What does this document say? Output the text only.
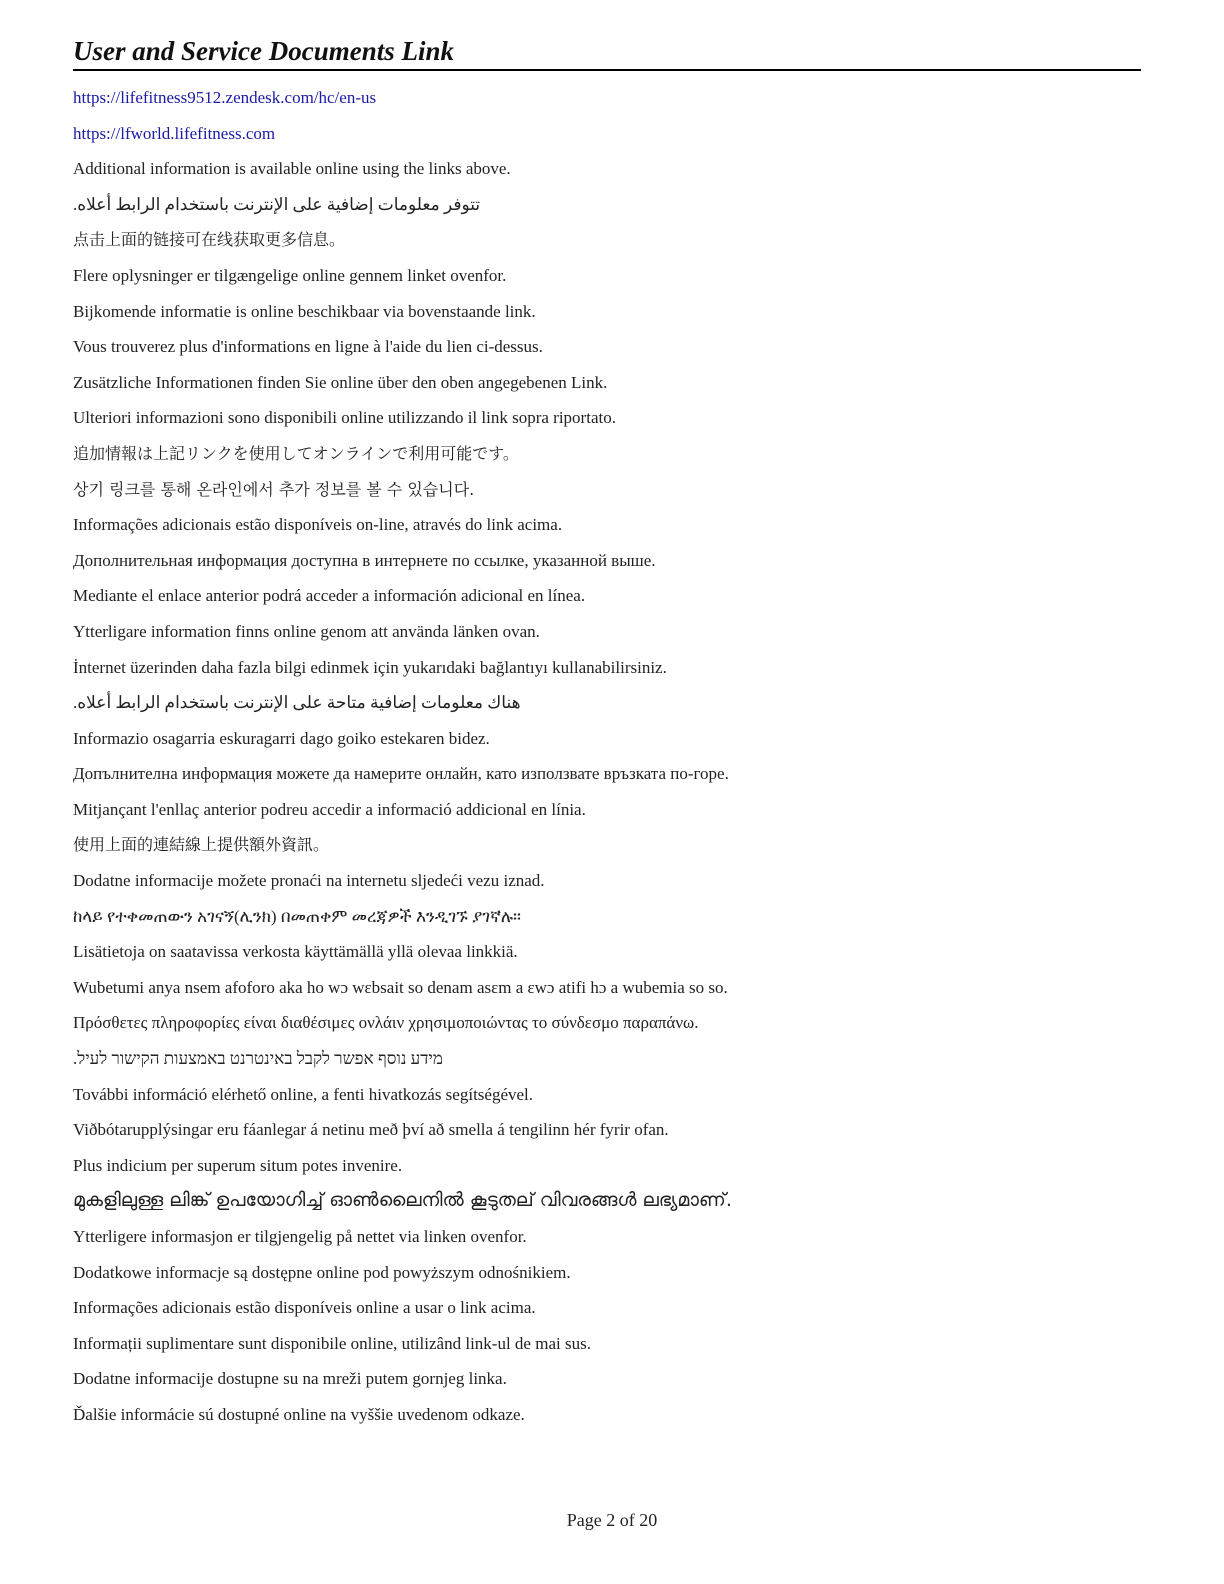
User and Service Documents Link
https://lifefitness9512.zendesk.com/hc/en-us
https://lfworld.lifefitness.com
Additional information is available online using the links above.
تتوفر معلومات إضافية على الإنترنت باستخدام الرابط أعلاه.
点击上面的链接可在线获取更多信息。
Flere oplysninger er tilgængelige online gennem linket ovenfor.
Bijkomende informatie is online beschikbaar via bovenstaande link.
Vous trouverez plus d'informations en ligne à l'aide du lien ci-dessus.
Zusätzliche Informationen finden Sie online über den oben angegebenen Link.
Ulteriori informazioni sono disponibili online utilizzando il link sopra riportato.
追加情報は上記リンクを使用してオンラインで利用可能です。
상기 링크를 통해 온라인에서 추가 정보를 볼 수 있습니다.
Informações adicionais estão disponíveis on-line, através do link acima.
Дополнительная информация доступна в интернете по ссылке, указанной выше.
Mediante el enlace anterior podrá acceder a información adicional en línea.
Ytterligare information finns online genom att använda länken ovan.
İnternet üzerinden daha fazla bilgi edinmek için yukarıdaki bağlantıyı kullanabilirsiniz.
هناك معلومات إضافية متاحة على الإنترنت باستخدام الرابط أعلاه.
Informazio osagarria eskuragarri dago goiko estekaren bidez.
Допълнителна информация можете да намерите онлайн, като използвате връзката по-горе.
Mitjançant l'enllaç anterior podreu accedir a informació addicional en línia.
使用上面的連結線上提供額外資訊。
Dodatne informacije možete pronaći na internetu sljedeći vezu iznad.
ከላይ የተቀመጠውን አገናኝ(ሊንክ) በመጠቀም መረጃዎች እንዲገኙ ያገኛሉ።
Lisätietoja on saatavissa verkosta käyttämällä yllä olevaa linkkiä.
Wubetumi anya nsem afoforo aka ho wɔ wɛbsait so denam asɛm a ɛwɔ atifi hɔ a wubemia so so.
Πρόσθετες πληροφορίες είναι διαθέσιμες ονλάιν χρησιμοποιώντας το σύνδεσμο παραπάνω.
מידע נוסף אפשר לקבל באינטרנט באמצעות הקישור לעיל.
További információ elérhető online, a fenti hivatkozás segítségével.
Viðbótarupplýsingar eru fáanlegar á netinu með því að smella á tengilinn hér fyrir ofan.
Plus indicium per superum situm potes invenire.
മുകളിലുള്ള ലിങ്ക് ഉപയോഗിച്ച് ഓൺലൈനിൽ കൂടുതല് വിവരങ്ങൾ ലഭ്യമാണ്.
Ytterligere informasjon er tilgjengelig på nettet via linken ovenfor.
Dodatkowe informacje są dostępne online pod powyższym odnośnikiem.
Informações adicionais estão disponíveis online a usar o link acima.
Informații suplimentare sunt disponibile online, utilizând link-ul de mai sus.
Dodatne informacije dostupne su na mreži putem gornjeg linka.
Ďalšie informácie sú dostupné online na vyššie uvedenom odkaze.
Page 2 of 20
